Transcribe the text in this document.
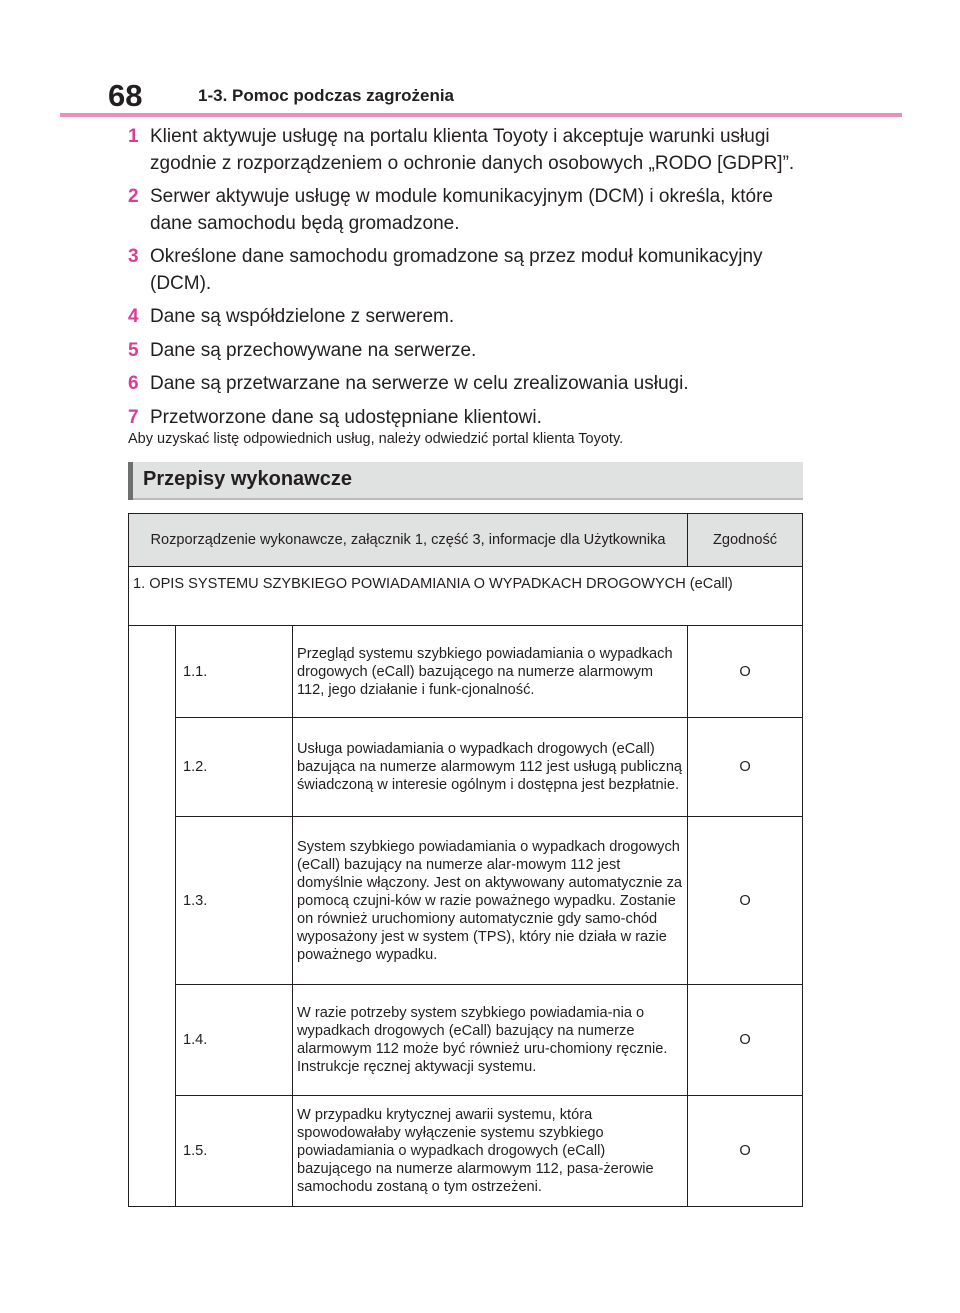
68	1-3. Pomoc podczas zagrożenia
1 Klient aktywuje usługę na portalu klienta Toyoty i akceptuje warunki usługi zgodnie z rozporządzeniem o ochronie danych osobowych „RODO [GDPR]”.
2 Serwer aktywuje usługę w module komunikacyjnym (DCM) i określa, które dane samochodu będą gromadzone.
3 Określone dane samochodu gromadzone są przez moduł komunikacyjny (DCM).
4 Dane są współdzielone z serwerem.
5 Dane są przechowywane na serwerze.
6 Dane są przetwarzane na serwerze w celu zrealizowania usługi.
7 Przetworzone dane są udostępniane klientowi.
Aby uzyskać listę odpowiednich usług, należy odwiedzić portal klienta Toyoty.
Przepisy wykonawcze
Rozporządzenie wykonawcze, załącznik 1, część 3, informacje dla Użytkownika			Zgodność
1. OPIS SYSTEMU SZYBKIEGO POWIADAMIANIA O WYPADKACH DROGOWYCH (eCall)			
	1.1.	Przegląd systemu szybkiego powiadamiania o wypadkach drogowych (eCall) bazującego na numerze alarmowym 112, jego działanie i funk-cjonalność.	O
	1.2.	Usługa powiadamiania o wypadkach drogowych (eCall) bazująca na numerze alarmowym 112 jest usługą publiczną świadczoną w interesie ogólnym i dostępna jest bezpłatnie.	O
	1.3.	System szybkiego powiadamiania o wypadkach drogowych (eCall) bazujący na numerze alar-mowym 112 jest domyślnie włączony. Jest on aktywowany automatycznie za pomocą czujni-ków w razie poważnego wypadku. Zostanie on również uruchomiony automatycznie gdy samo-chód wyposażony jest w system (TPS), który nie działa w razie poważnego wypadku.	O
	1.4.	W razie potrzeby system szybkiego powiadamia-nia o wypadkach drogowych (eCall) bazujący na numerze alarmowym 112 może być również uru-chomiony ręcznie. Instrukcje ręcznej aktywacji systemu.	O
	1.5.	W przypadku krytycznej awarii systemu, która spowodowałaby wyłączenie systemu szybkiego powiadamiania o wypadkach drogowych (eCall) bazującego na numerze alarmowym 112, pasa-żerowie samochodu zostaną o tym ostrzeżeni.	O
